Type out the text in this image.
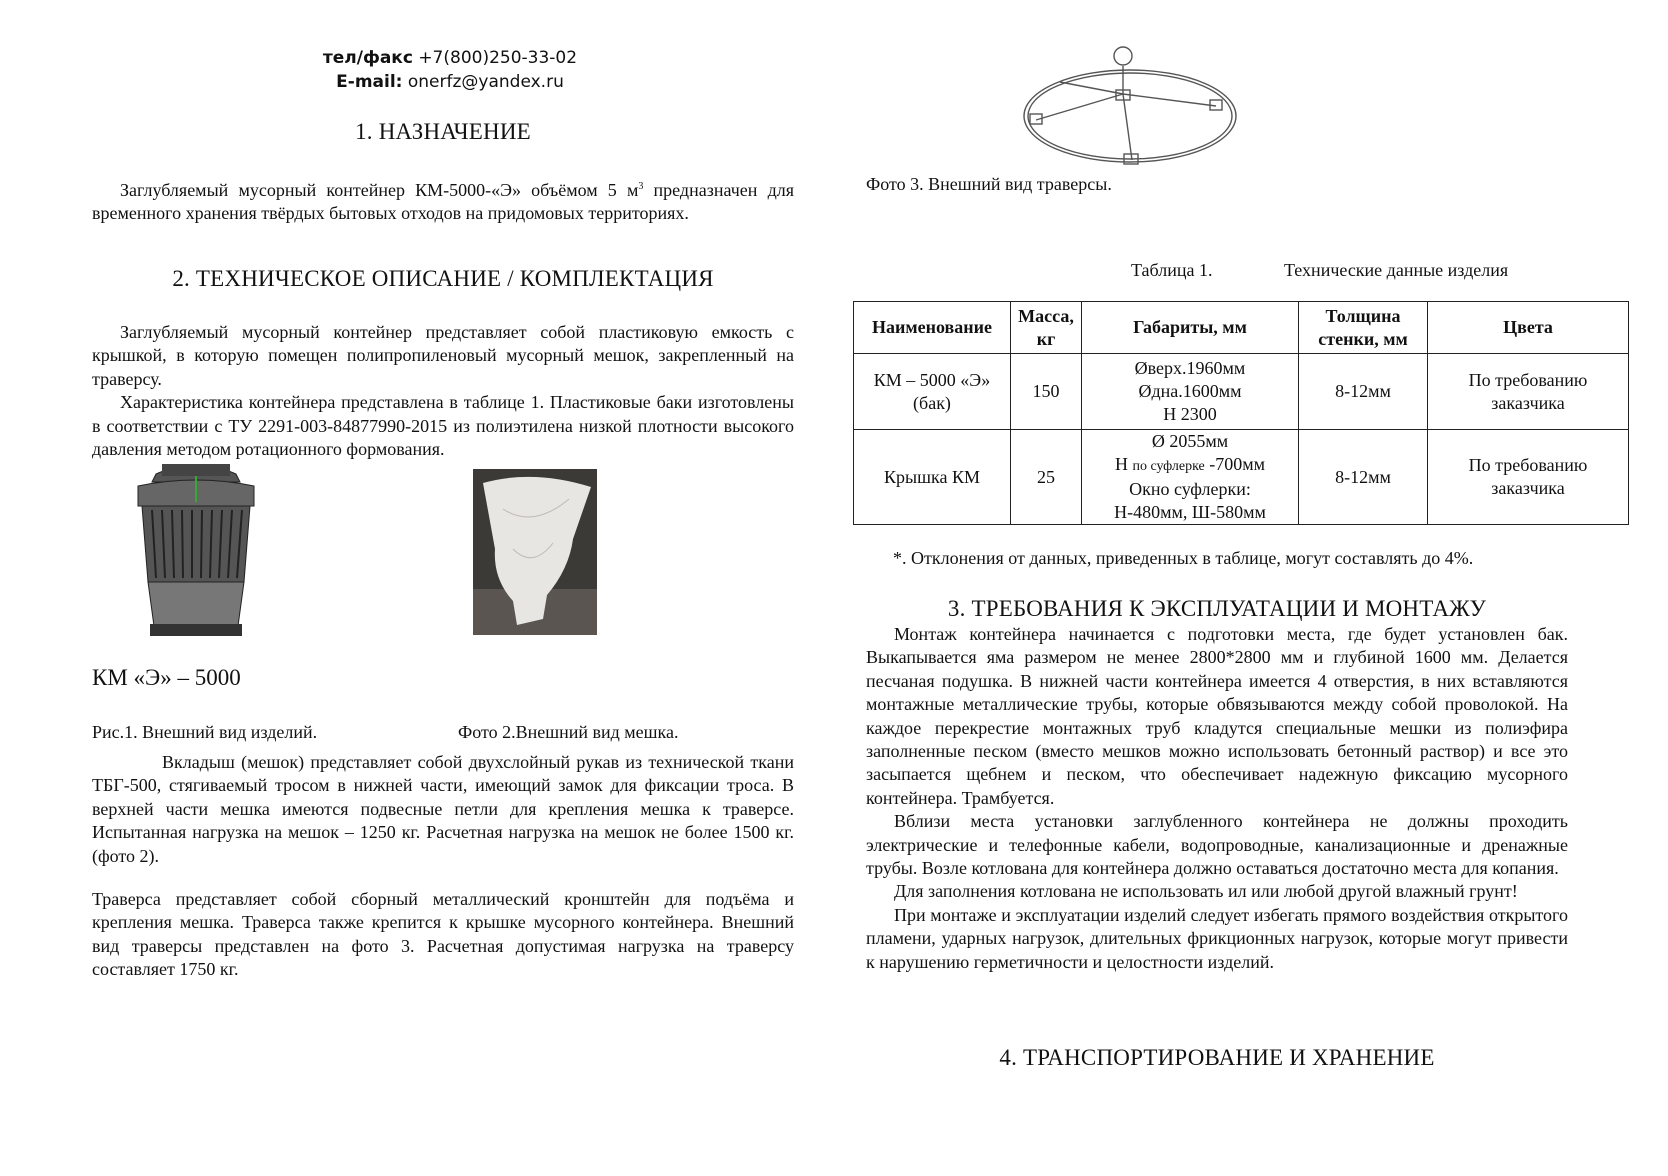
тел/факс +7(800)250-33-02
E-mail: onerfz@yandex.ru
1. НАЗНАЧЕНИЕ

Заглубляемый мусорный контейнер КМ-5000-«Э» объёмом 5 $м^3$ предназначен для временного хранения твёрдых бытовых отходов на придомовых территориях.

2. ТЕХНИЧЕСКОЕ ОПИСАНИЕ / КОМПЛЕКТАЦИЯ

Заглубляемый мусорный контейнер представляет собой пластиковую емкость с крышкой, в которую помещен полипропиленовый мусорный мешок, закрепленный на траверсу.

Характеристика контейнера представлена в таблице 1. Пластиковые баки изготовлены в соответствии с ТУ 2291-003-84877990-2015 из полиэтилена низкой плотности высокого давления методом ротационного формования.

КМ «Э» – 5000
Рис.1. Внешний вид изделий.	Фото 2.Внешний вид мешка.

Вкладыш (мешок) представляет собой двухслойный рукав из технической ткани ТБГ-500, стягиваемый тросом в нижней части, имеющий замок для фиксации троса. В верхней части мешка имеются подвесные петли для крепления мешка к траверсе. Испытанная нагрузка на мешок – 1250 кг. Расчетная нагрузка на мешок не более 1500 кг. (фото 2).

Траверса представляет собой сборный металлический кронштейн для подъёма и крепления мешка. Траверса также крепится к крышке мусорного контейнера. Внешний вид траверсы представлен на фото 3. Расчетная допустимая нагрузка на траверсу составляет 1750 кг.

Фото 3. Внешний вид траверсы.
Таблица 1.	Технические данные изделия
Наименование	Масса, кг	Габариты, мм	Толщина стенки, мм	Цвета
КМ – 5000 «Э» (бак)	150	Øверх.1960мм
Øдна.1600мм
Н 2300	8-12мм	По требованию заказчика
Крышка КМ	25	Ø 2055мм
Н по суфлерке -700мм
Окно суфлерки:
Н-480мм, Ш-580мм	8-12мм	По требованию заказчика
*. Отклонения от данных, приведенных в таблице, могут составлять до 4%.
3. ТРЕБОВАНИЯ К ЭКСПЛУАТАЦИИ И МОНТАЖУ

Монтаж контейнера начинается с подготовки места, где будет установлен бак. Выкапывается яма размером не менее 2800*2800 мм и глубиной 1600 мм. Делается песчаная подушка. В нижней части контейнера имеется 4 отверстия, в них вставляются монтажные металлические трубы, которые обвязываются между собой проволокой. На каждое перекрестие монтажных труб кладутся специальные мешки из полиэфира заполненные песком (вместо мешков можно использовать бетонный раствор) и все это засыпается щебнем и песком, что обеспечивает надежную фиксацию мусорного контейнера. Трамбуется.

Вблизи места установки заглубленного контейнера не должны проходить электрические и телефонные кабели, водопроводные, канализационные и дренажные трубы. Возле котлована для контейнера должно оставаться достаточно места для копания.

Для заполнения котлована не использовать ил или любой другой влажный грунт!

При монтаже и эксплуатации изделий следует избегать прямого воздействия открытого пламени, ударных нагрузок, длительных фрикционных нагрузок, которые могут привести к нарушению герметичности и целостности изделий.

4. ТРАНСПОРТИРОВАНИЕ И ХРАНЕНИЕ
